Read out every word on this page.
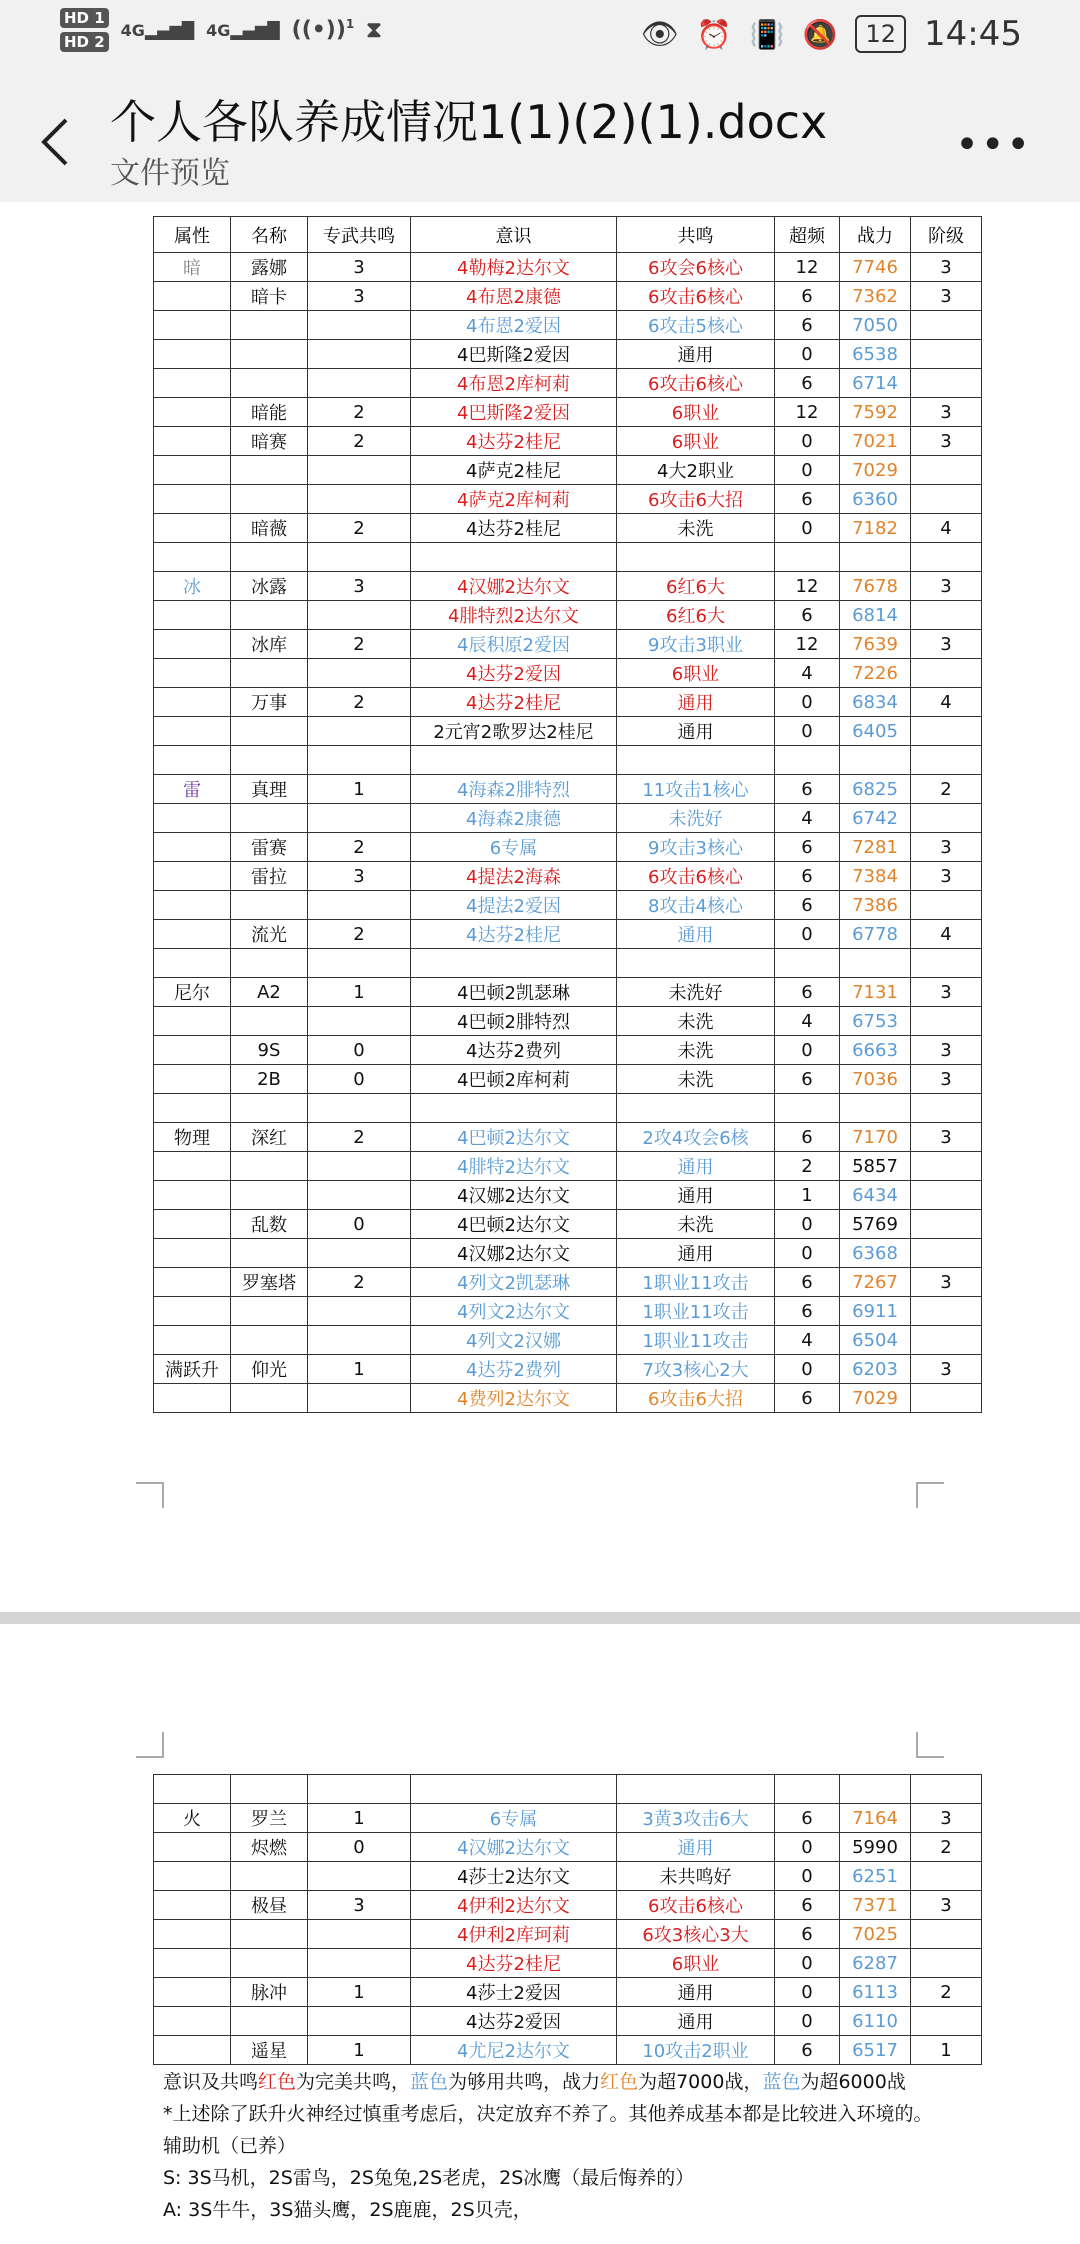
HD 1
HD 2
4G▂▄▆█ 4G▂▄▆█ ((•))$^1$ ⧗	👁 ⏰ 📳 🔕	12 14:45
个人各队养成情况1(1)(2)(1).docx
文件预览
•••
属性	名称	专武共鸣	意识	共鸣	超频	战力	阶级
暗	露娜	3	4勒梅2达尔文	6攻会6核心	12	7746	3
	暗卡	3	4布恩2康德	6攻击6核心	6	7362	3
			4布恩2爱因	6攻击5核心	6	7050	
			4巴斯隆2爱因	通用	0	6538	
			4布恩2库柯莉	6攻击6核心	6	6714	
	暗能	2	4巴斯隆2爱因	6职业	12	7592	3
	暗赛	2	4达芬2桂尼	6职业	0	7021	3
			4萨克2桂尼	4大2职业	0	7029	
			4萨克2库柯莉	6攻击6大招	6	6360	
	暗薇	2	4达芬2桂尼	未洗	0	7182	4

冰	冰露	3	4汉娜2达尔文	6红6大	12	7678	3
			4腓特烈2达尔文	6红6大	6	6814	
	冰库	2	4辰积原2爱因	9攻击3职业	12	7639	3
			4达芬2爱因	6职业	4	7226	
	万事	2	4达芬2桂尼	通用	0	6834	4
			2元宵2歌罗达2桂尼	通用	0	6405	

雷	真理	1	4海森2腓特烈	11攻击1核心	6	6825	2
			4海森2康德	未洗好	4	6742	
	雷赛	2	6专属	9攻击3核心	6	7281	3
	雷拉	3	4提法2海森	6攻击6核心	6	7384	3
			4提法2爱因	8攻击4核心	6	7386	
	流光	2	4达芬2桂尼	通用	0	6778	4

尼尔	A2	1	4巴顿2凯瑟琳	未洗好	6	7131	3
			4巴顿2腓特烈	未洗	4	6753	
	9S	0	4达芬2费列	未洗	0	6663	3
	2B	0	4巴顿2库柯莉	未洗	6	7036	3

物理	深红	2	4巴顿2达尔文	2攻4攻会6核	6	7170	3
			4腓特2达尔文	通用	2	5857	
			4汉娜2达尔文	通用	1	6434	
	乱数	0	4巴顿2达尔文	未洗	0	5769	
			4汉娜2达尔文	通用	0	6368	
	罗塞塔	2	4列文2凯瑟琳	1职业11攻击	6	7267	3
			4列文2达尔文	1职业11攻击	6	6911	
			4列文2汉娜	1职业11攻击	4	6504	
满跃升	仰光	1	4达芬2费列	7攻3核心2大	0	6203	3
			4费列2达尔文	6攻击6大招	6	7029	

火	罗兰	1	6专属	3黄3攻击6大	6	7164	3
	烬燃	0	4汉娜2达尔文	通用	0	5990	2
			4莎士2达尔文	未共鸣好	0	6251	
	极昼	3	4伊利2达尔文	6攻击6核心	6	7371	3
			4伊利2库珂莉	6攻3核心3大	6	7025	
			4达芬2桂尼	6职业	0	6287	
	脉冲	1	4莎士2爱因	通用	0	6113	2
			4达芬2爱因	通用	0	6110	
	遥星	1	4尤尼2达尔文	10攻击2职业	6	6517	1
意识及共鸣红色为完美共鸣，蓝色为够用共鸣，战力红色为超7000战，蓝色为超6000战
*上述除了跃升火神经过慎重考虑后，决定放弃不养了。其他养成基本都是比较进入环境的。
辅助机（已养）
S: 3S马机，2S雷鸟，2S兔兔,2S老虎，2S冰鹰（最后悔养的）
A: 3S牛牛，3S猫头鹰，2S鹿鹿，2S贝壳，
